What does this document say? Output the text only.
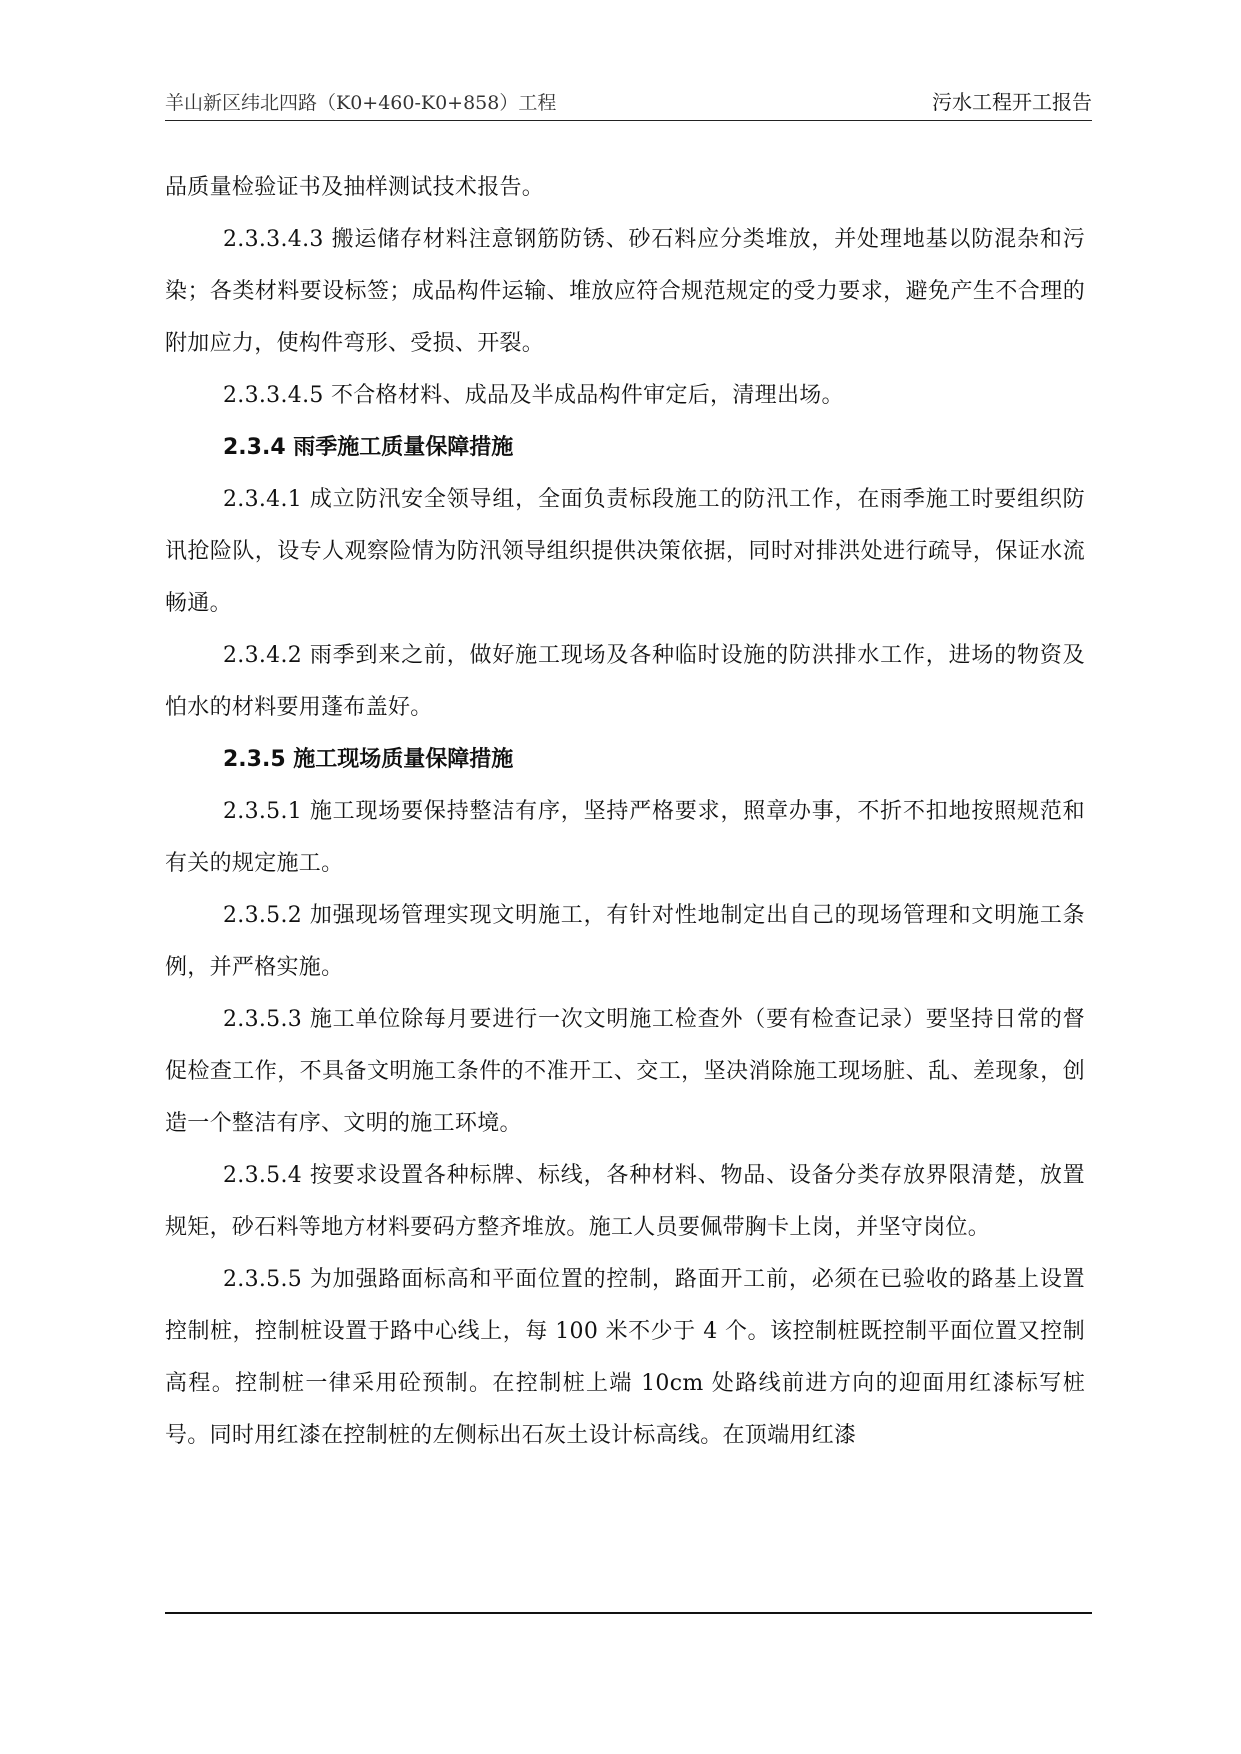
羊山新区纬北四路（K0+460-K0+858）工程	污水工程开工报告

品质量检验证书及抽样测试技术报告。

2.3.3.4.3 搬运储存材料注意钢筋防锈、砂石料应分类堆放，并处理地基以防混杂和污染；各类材料要设标签；成品构件运输、堆放应符合规范规定的受力要求，避免产生不合理的附加应力，使构件弯形、受损、开裂。

2.3.3.4.5 不合格材料、成品及半成品构件审定后，清理出场。

2.3.4 雨季施工质量保障措施

2.3.4.1 成立防汛安全领导组，全面负责标段施工的防汛工作，在雨季施工时要组织防讯抢险队，设专人观察险情为防汛领导组织提供决策依据，同时对排洪处进行疏导，保证水流畅通。

2.3.4.2 雨季到来之前，做好施工现场及各种临时设施的防洪排水工作，进场的物资及怕水的材料要用蓬布盖好。

2.3.5 施工现场质量保障措施

2.3.5.1 施工现场要保持整洁有序，坚持严格要求，照章办事，不折不扣地按照规范和有关的规定施工。

2.3.5.2 加强现场管理实现文明施工，有针对性地制定出自己的现场管理和文明施工条例，并严格实施。

2.3.5.3 施工单位除每月要进行一次文明施工检查外（要有检查记录）要坚持日常的督促检查工作，不具备文明施工条件的不准开工、交工，坚决消除施工现场脏、乱、差现象，创造一个整洁有序、文明的施工环境。

2.3.5.4 按要求设置各种标牌、标线，各种材料、物品、设备分类存放界限清楚，放置规矩，砂石料等地方材料要码方整齐堆放。施工人员要佩带胸卡上岗，并坚守岗位。

2.3.5.5 为加强路面标高和平面位置的控制，路面开工前，必须在已验收的路基上设置控制桩，控制桩设置于路中心线上，每 100 米不少于 4 个。该控制桩既控制平面位置又控制高程。控制桩一律采用砼预制。在控制桩上端 10cm 处路线前进方向的迎面用红漆标写桩号。同时用红漆在控制桩的左侧标出石灰土设计标高线。在顶端用红漆
